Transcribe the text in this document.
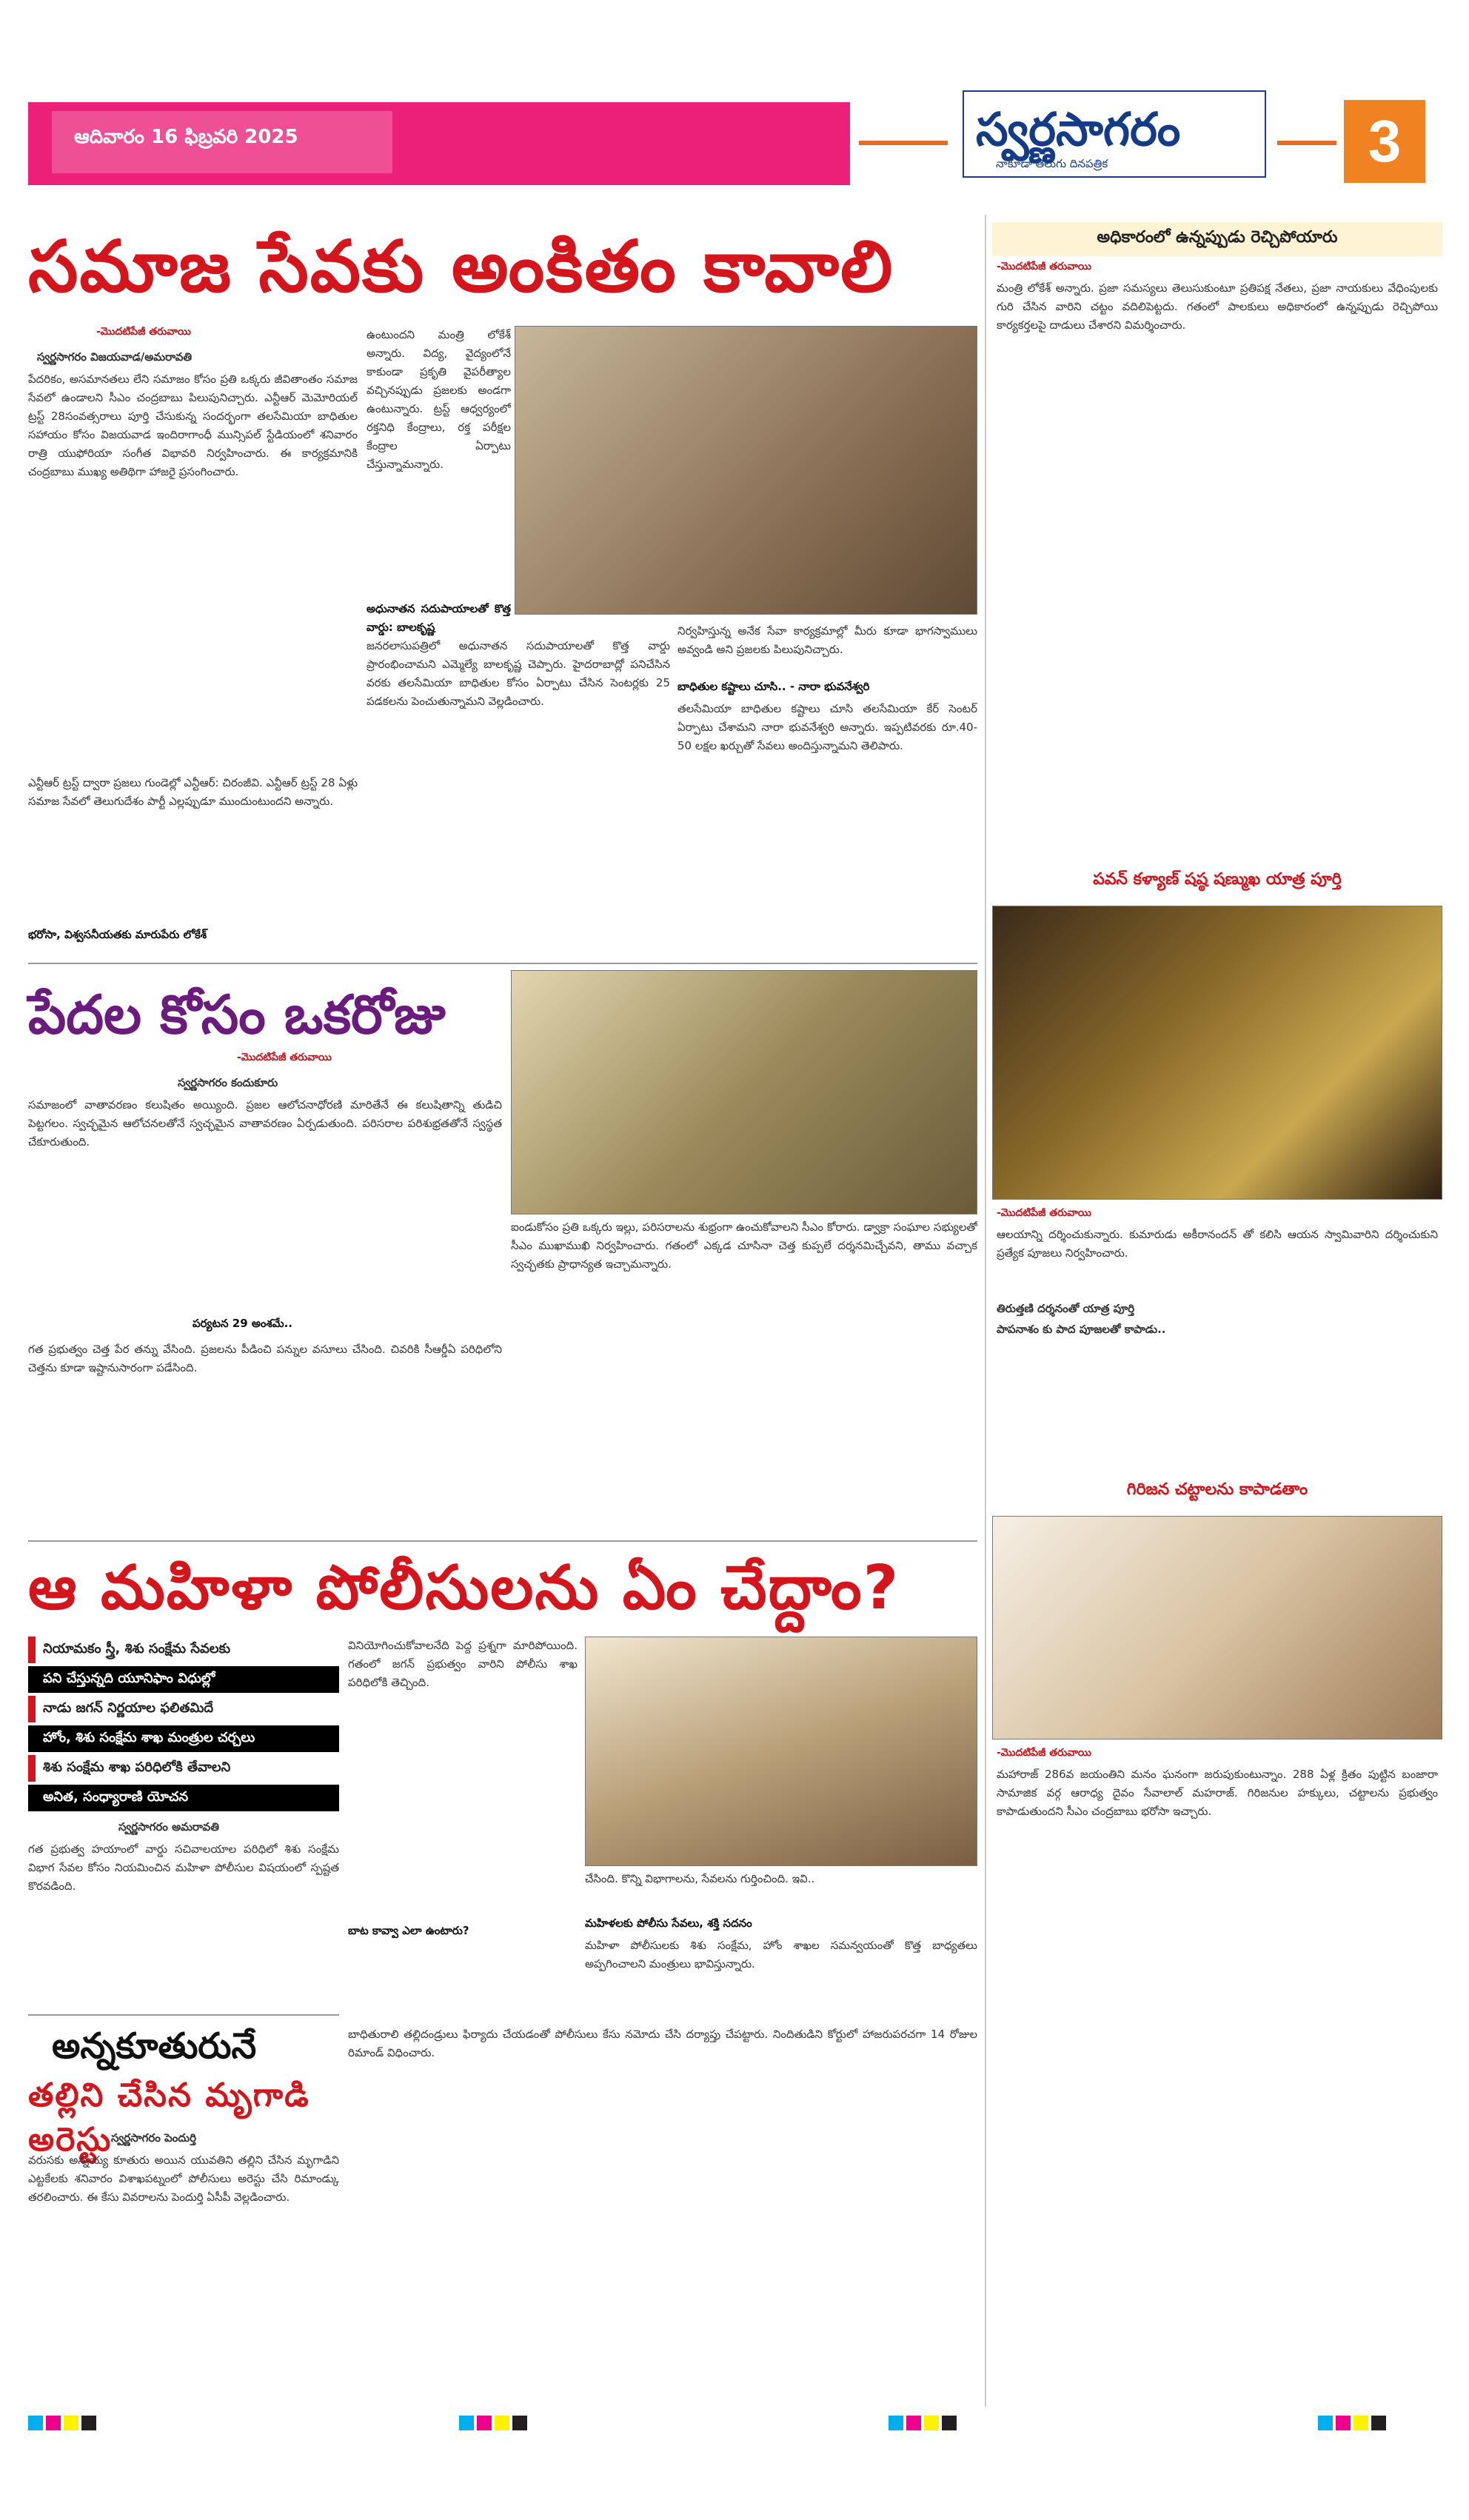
ఆదివారం 16 ఫిబ్రవరి 2025	స్వర్ణసాగరం
నాకూడా తెలుగు దినపత్రిక	3
సమాజ సేవకు అంకితం కావాలి
-మొదటిపేజీ తరువాయి
స్వర్ణసాగరం విజయవాడ/అమరావతి
పేదరికం, అసమానతలు లేని సమాజం కోసం ప్రతి ఒక్కరు జీవితాంతం సమాజ సేవలో ఉండాలని సీఎం చంద్రబాబు పిలుపునిచ్చారు. ఎన్టీఆర్ మెమోరియల్ ట్రస్ట్ 28సంవత్సరాలు పూర్తి చేసుకున్న సందర్భంగా తలసేమియా బాధితుల సహాయం కోసం విజయవాడ ఇందిరాగాంధీ మున్సిపల్ స్టేడియంలో శనివారం రాత్రి యుఫోరియా సంగీత విభావరి నిర్వహించారు. ఈ కార్యక్రమానికి చంద్రబాబు ముఖ్య అతిథిగా హాజరై ప్రసంగించారు.
ఉంటుందని మంత్రి లోకేశ్ అన్నారు. విద్య, వైద్యంలోనే కాకుండా ప్రకృతి వైపరీత్యాల వచ్చినప్పుడు ప్రజలకు అండగా ఉంటున్నారు. ట్రస్ట్ ఆధ్వర్యంలో రక్తనిధి కేంద్రాలు, రక్త పరీక్షల కేంద్రాల ఏర్పాటు చేస్తున్నామన్నారు.
అధునాతన సదుపాయాలతో కొత్త వార్డు: బాలకృష్ణ
జనరలాసుపత్రిలో అధునాతన సదుపాయాలతో కొత్త వార్డు ప్రారంభించామని ఎమ్మెల్యే బాలకృష్ణ చెప్పారు. హైదరాబాద్లో పనిచేసిన వరకు తలసేమియా బాధితుల కోసం ఏర్పాటు చేసిన సెంటర్లకు 25 పడకలను పెంచుతున్నామని వెల్లడించారు.
ఎన్టీఆర్ ట్రస్ట్ ద్వారా ప్రజలు గుండెల్లో ఎన్టీఆర్: చిరంజీవి. ఎన్టీఆర్ ట్రస్ట్ 28 ఏళ్లు సమాజ సేవలో తెలుగుదేశం పార్టీ ఎల్లప్పుడూ ముందుంటుందని అన్నారు.
భరోసా, విశ్వసనీయతకు మారుపేరు లోకేశ్
నిర్వహిస్తున్న అనేక సేవా కార్యక్రమాల్లో మీరు కూడా భాగస్వాములు అవ్వండి అని ప్రజలకు పిలుపునిచ్చారు.
బాధితుల కష్టాలు చూసి.. - నారా భువనేశ్వరి
తలసేమియా బాధితుల కష్టాలు చూసి తలసేమియా కేర్ సెంటర్ ఏర్పాటు చేశామని నారా భువనేశ్వరి అన్నారు. ఇప్పటివరకు రూ.40-50 లక్షల ఖర్చుతో సేవలు అందిస్తున్నామని తెలిపారు.
పేదల కోసం ఒకరోజు
-మొదటిపేజీ తరువాయి
స్వర్ణసాగరం కందుకూరు
సమాజంలో వాతావరణం కలుషితం అయ్యింది. ప్రజల ఆలోచనాధోరణి మారితేనే ఈ కలుషితాన్ని తుడిచి పెట్టగలం. స్వచ్ఛమైన ఆలోచనలతోనే స్వచ్ఛమైన వాతావరణం ఏర్పడుతుంది. పరిసరాల పరిశుభ్రతతోనే స్వస్థత చేకూరుతుంది.
పర్యటన 29 అంశమే..
గత ప్రభుత్వం చెత్త పేర తన్ను వేసింది. ప్రజలను పీడించి పన్నుల వసూలు చేసింది. చివరికి సీఆర్డీఏ పరిధిలోని చెత్తను కూడా ఇష్టానుసారంగా పడేసింది.
ఐండుకోసం ప్రతి ఒక్కరు ఇల్లు, పరిసరాలను శుభ్రంగా ఉంచుకోవాలని సీఎం కోరారు. డ్వాక్రా సంఘాల సభ్యులతో సీఎం ముఖాముఖి నిర్వహించారు. గతంలో ఎక్కడ చూసినా చెత్త కుప్పలే దర్శనమిచ్చేవని, తాము వచ్చాక స్వచ్ఛతకు ప్రాధాన్యత ఇచ్చామన్నారు.
ఆ మహిళా పోలీసులను ఏం చేద్దాం?
నియామకం స్త్రీ, శిశు సంక్షేమ సేవలకు
పని చేస్తున్నది యూనిఫాం విధుల్లో
నాడు జగన్ నిర్ణయాల ఫలితమిదే
హోం, శిశు సంక్షేమ శాఖ మంత్రుల చర్చలు
శిశు సంక్షేమ శాఖ పరిధిలోకి తేవాలని
అనిత, సంధ్యారాణి యోచన
స్వర్ణసాగరం అమరావతి
గత ప్రభుత్వ హయాంలో వార్డు సచివాలయాల పరిధిలో శిశు సంక్షేమ విభాగ సేవల కోసం నియమించిన మహిళా పోలీసుల విషయంలో స్పష్టత కొరవడింది.
వినియోగించుకోవాలనేది పెద్ద ప్రశ్నగా మారిపోయింది. గతంలో జగన్ ప్రభుత్వం వారిని పోలీసు శాఖ పరిధిలోకి తెచ్చింది.
బాట కావ్వా ఎలా ఉంటారు?
చేసింది. కొన్ని విభాగాలను, సేవలను గుర్తించింది. ఇవి..
మహిళలకు పోలీసు సేవలు, శక్తి సదనం
మహిళా పోలీసులకు శిశు సంక్షేమ, హోం శాఖల సమన్వయంతో కొత్త బాధ్యతలు అప్పగించాలని మంత్రులు భావిస్తున్నారు.
అన్నకూతురునే
తల్లిని చేసిన మృగాడి అరెస్టు
స్వర్ణసాగరం పెందుర్తి
వరుసకు అన్నయ్య కూతురు అయిన యువతిని తల్లిని చేసిన మృగాడిని ఎట్టకేలకు శనివారం విశాఖపట్నంలో పోలీసులు అరెస్టు చేసి రిమాండ్కు తరలించారు. ఈ కేసు వివరాలను పెందుర్తి ఏసీపీ వెల్లడించారు.
బాధితురాలి తల్లిదండ్రులు ఫిర్యాదు చేయడంతో పోలీసులు కేసు నమోదు చేసి దర్యాప్తు చేపట్టారు. నిందితుడిని కోర్టులో హాజరుపరచగా 14 రోజుల రిమాండ్ విధించారు.
అధికారంలో ఉన్నప్పుడు రెచ్చిపోయారు
-మొదటిపేజీ తరువాయి
మంత్రి లోకేశ్ అన్నారు. ప్రజా సమస్యలు తెలుసుకుంటూ ప్రతిపక్ష నేతలు, ప్రజా నాయకులు వేధింపులకు గురి చేసిన వారిని చట్టం వదిలిపెట్టదు. గతంలో పాలకులు అధికారంలో ఉన్నప్పుడు రెచ్చిపోయి కార్యకర్తలపై దాడులు చేశారని విమర్శించారు.
పవన్ కళ్యాణ్ షష్ఠ షణ్ముఖ యాత్ర పూర్తి
-మొదటిపేజీ తరువాయి
ఆలయాన్ని దర్శించుకున్నారు. కుమారుడు అకీరానందన్ తో కలిసి ఆయన స్వామివారిని దర్శించుకుని ప్రత్యేక పూజలు నిర్వహించారు.
తిరుత్తణి దర్శనంతో యాత్ర పూర్తి
పాపనాశం కు పాద పూజలతో కాపాడు..
గిరిజన చట్టాలను కాపాడతాం
-మొదటిపేజీ తరువాయి
మహారాజ్ 286వ జయంతిని మనం ఘనంగా జరుపుకుంటున్నాం. 288 ఏళ్ల క్రితం పుట్టిన బంజారా సామాజిక వర్గ ఆరాధ్య దైవం సేవాలాల్ మహరాజ్. గిరిజనుల హక్కులు, చట్టాలను ప్రభుత్వం కాపాడుతుందని సీఎం చంద్రబాబు భరోసా ఇచ్చారు.
